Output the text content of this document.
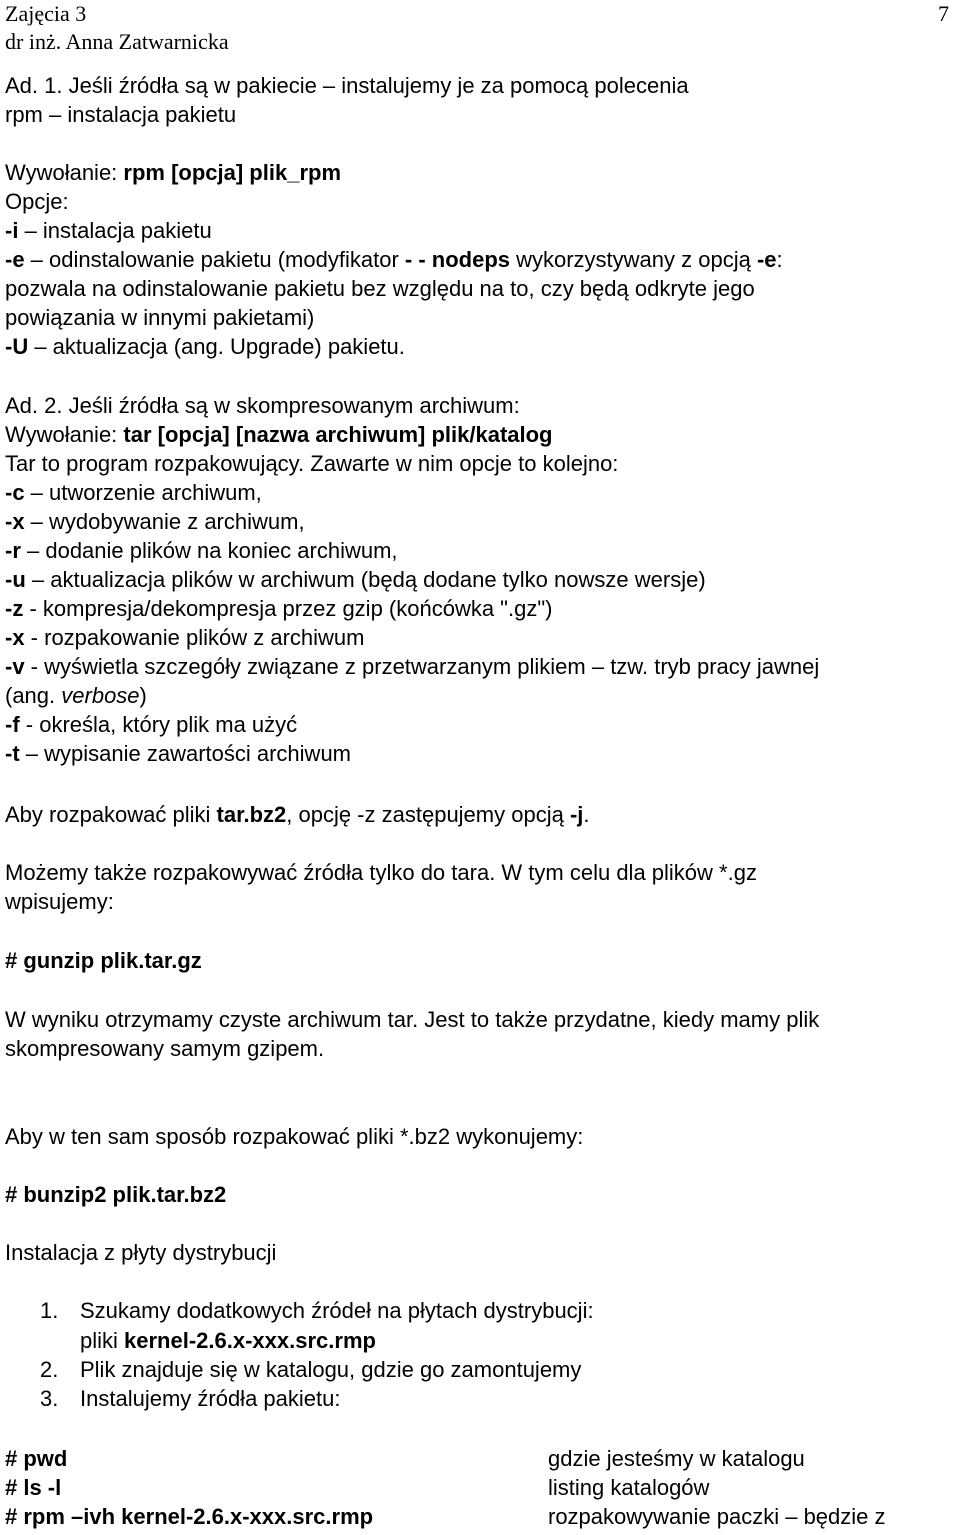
Zajęcia 3
dr inż. Anna Zatwarnicka
7
Ad. 1. Jeśli źródła są w pakiecie – instalujemy je za pomocą polecenia
rpm – instalacja pakietu
Wywołanie: rpm [opcja] plik_rpm
Opcje:
-i – instalacja pakietu
-e – odinstalowanie pakietu (modyfikator - - nodeps wykorzystywany z opcją -e:
pozwala na odinstalowanie pakietu bez względu na to, czy będą odkryte jego
powiązania w innymi pakietami)
-U – aktualizacja (ang. Upgrade) pakietu.
Ad. 2. Jeśli źródła są w skompresowanym archiwum:
Wywołanie: tar [opcja] [nazwa archiwum] plik/katalog
Tar to program rozpakowujący. Zawarte w nim opcje to kolejno:
-c – utworzenie archiwum,
-x – wydobywanie z archiwum,
-r – dodanie plików na koniec archiwum,
-u – aktualizacja plików w archiwum (będą dodane tylko nowsze wersje)
-z - kompresja/dekompresja przez gzip (końcówka ".gz")
-x - rozpakowanie plików z archiwum
-v - wyświetla szczegóły związane z przetwarzanym plikiem – tzw. tryb pracy jawnej
(ang. verbose)
-f - określa, który plik ma użyć
-t – wypisanie zawartości archiwum
Aby rozpakować pliki tar.bz2, opcję -z zastępujemy opcją -j.
Możemy także rozpakowywać źródła tylko do tara. W tym celu dla plików *.gz
wpisujemy:
# gunzip plik.tar.gz
W wyniku otrzymamy czyste archiwum tar. Jest to także przydatne, kiedy mamy plik
skompresowany samym gzipem.
Aby w ten sam sposób rozpakować pliki *.bz2 wykonujemy:
# bunzip2 plik.tar.bz2
Instalacja z płyty dystrybucji
1. Szukamy dodatkowych źródeł na płytach dystrybucji:
pliki kernel-2.6.x-xxx.src.rmp
2. Plik znajduje się w katalogu, gdzie go zamontujemy
3. Instalujemy źródła pakietu:
# pwd	gdzie jesteśmy w katalogu
# ls -l	listing katalogów
# rpm –ivh kernel-2.6.x-xxx.src.rmp	rozpakowywanie paczki – będzie z
